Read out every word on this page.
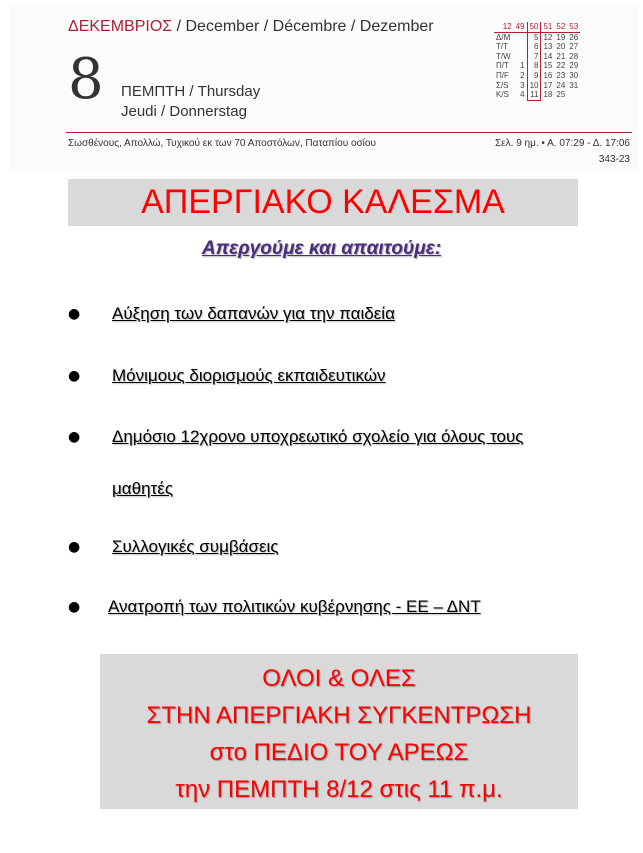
ΔΕΚΕΜΒΡΙΟΣ / December / Décembre / Dezember
8 ΠΕΜΠΤΗ / Thursday
Jeudi / Donnerstag
Σωσθένους, Απολλώ, Τυχικού εκ των 70 Αποστόλων, Παταπίου οσίου	Σελ. 9 ημ. • Α. 07:29 - Δ. 17:06
343-23
12	49	50	51	52	53
Δ/M		5	12	19	26
T/T		6	13	20	27
T/W		7	14	21	28
Π/T	1	8	15	22	29
Π/F	2	9	16	23	30
Σ/S	3	10	17	24	31
K/S	4	11	18	25	
ΑΠΕΡΓΙΑΚΟ ΚΑΛΕΣΜΑ
Απεργούμε και απαιτούμε:
● Αύξηση των δαπανών για την παιδεία
● Μόνιμους διορισμούς εκπαιδευτικών
● Δημόσιο 12χρονο υποχρεωτικό σχολείο για όλους τους
μαθητές
● Συλλογικές συμβάσεις
● Ανατροπή των πολιτικών κυβέρνησης - ΕΕ – ΔΝΤ
ΟΛΟΙ & ΟΛΕΣ
ΣΤΗΝ ΑΠΕΡΓΙΑΚΗ ΣΥΓΚΕΝΤΡΩΣΗ
στο ΠΕΔΙΟ ΤΟΥ ΑΡΕΩΣ
την ΠΕΜΠΤΗ 8/12 στις 11 π.μ.
